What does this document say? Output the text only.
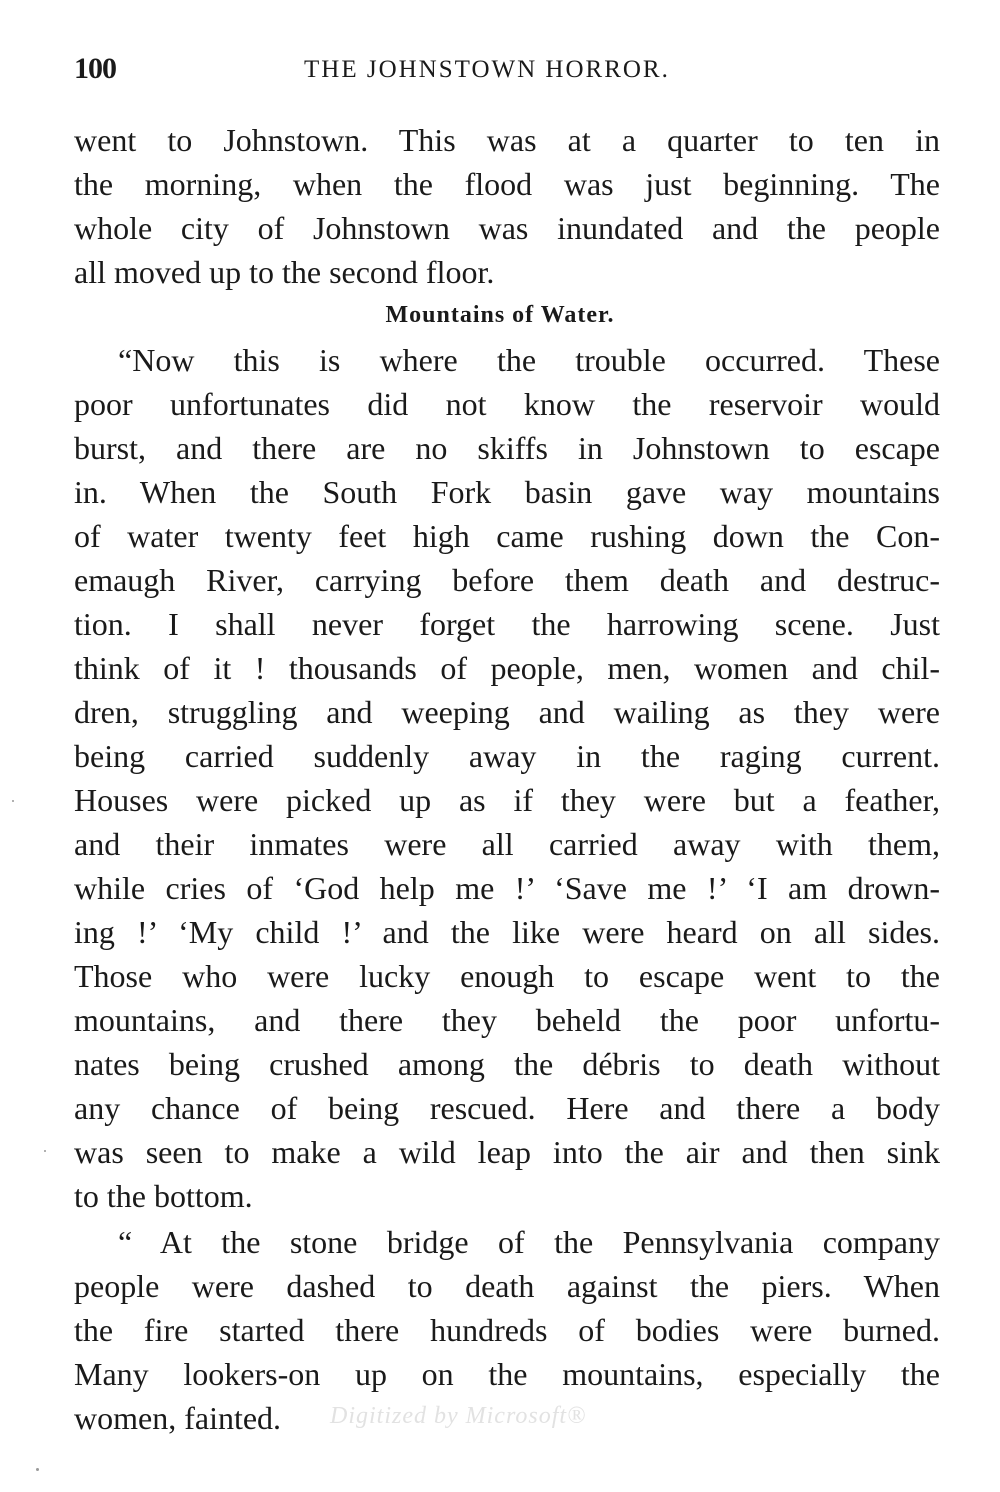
100	THE JOHNSTOWN HORROR.
went to Johnstown. This was at a quarter to ten in
the morning, when the flood was just beginning. The
whole city of Johnstown was inundated and the people
all moved up to the second floor.
Mountains of Water.
“Now this is where the trouble occurred. These
poor unfortunates did not know the reservoir would
burst, and there are no skiffs in Johnstown to escape
in. When the South Fork basin gave way mountains
of water twenty feet high came rushing down the Con-
emaugh River, carrying before them death and destruc-
tion. I shall never forget the harrowing scene. Just
think of it ! thousands of people, men, women and chil-
dren, struggling and weeping and wailing as they were
being carried suddenly away in the raging current.
Houses were picked up as if they were but a feather,
and their inmates were all carried away with them,
while cries of ‘God help me !’ ‘Save me !’ ‘I am drown-
ing !’ ‘My child !’ and the like were heard on all sides.
Those who were lucky enough to escape went to the
mountains, and there they beheld the poor unfortu-
nates being crushed among the débris to death without
any chance of being rescued. Here and there a body
was seen to make a wild leap into the air and then sink
to the bottom.
“ At the stone bridge of the Pennsylvania company
people were dashed to death against the piers. When
the fire started there hundreds of bodies were burned.
Many lookers-on up on the mountains, especially the
women, fainted.	Digitized by Microsoft®
